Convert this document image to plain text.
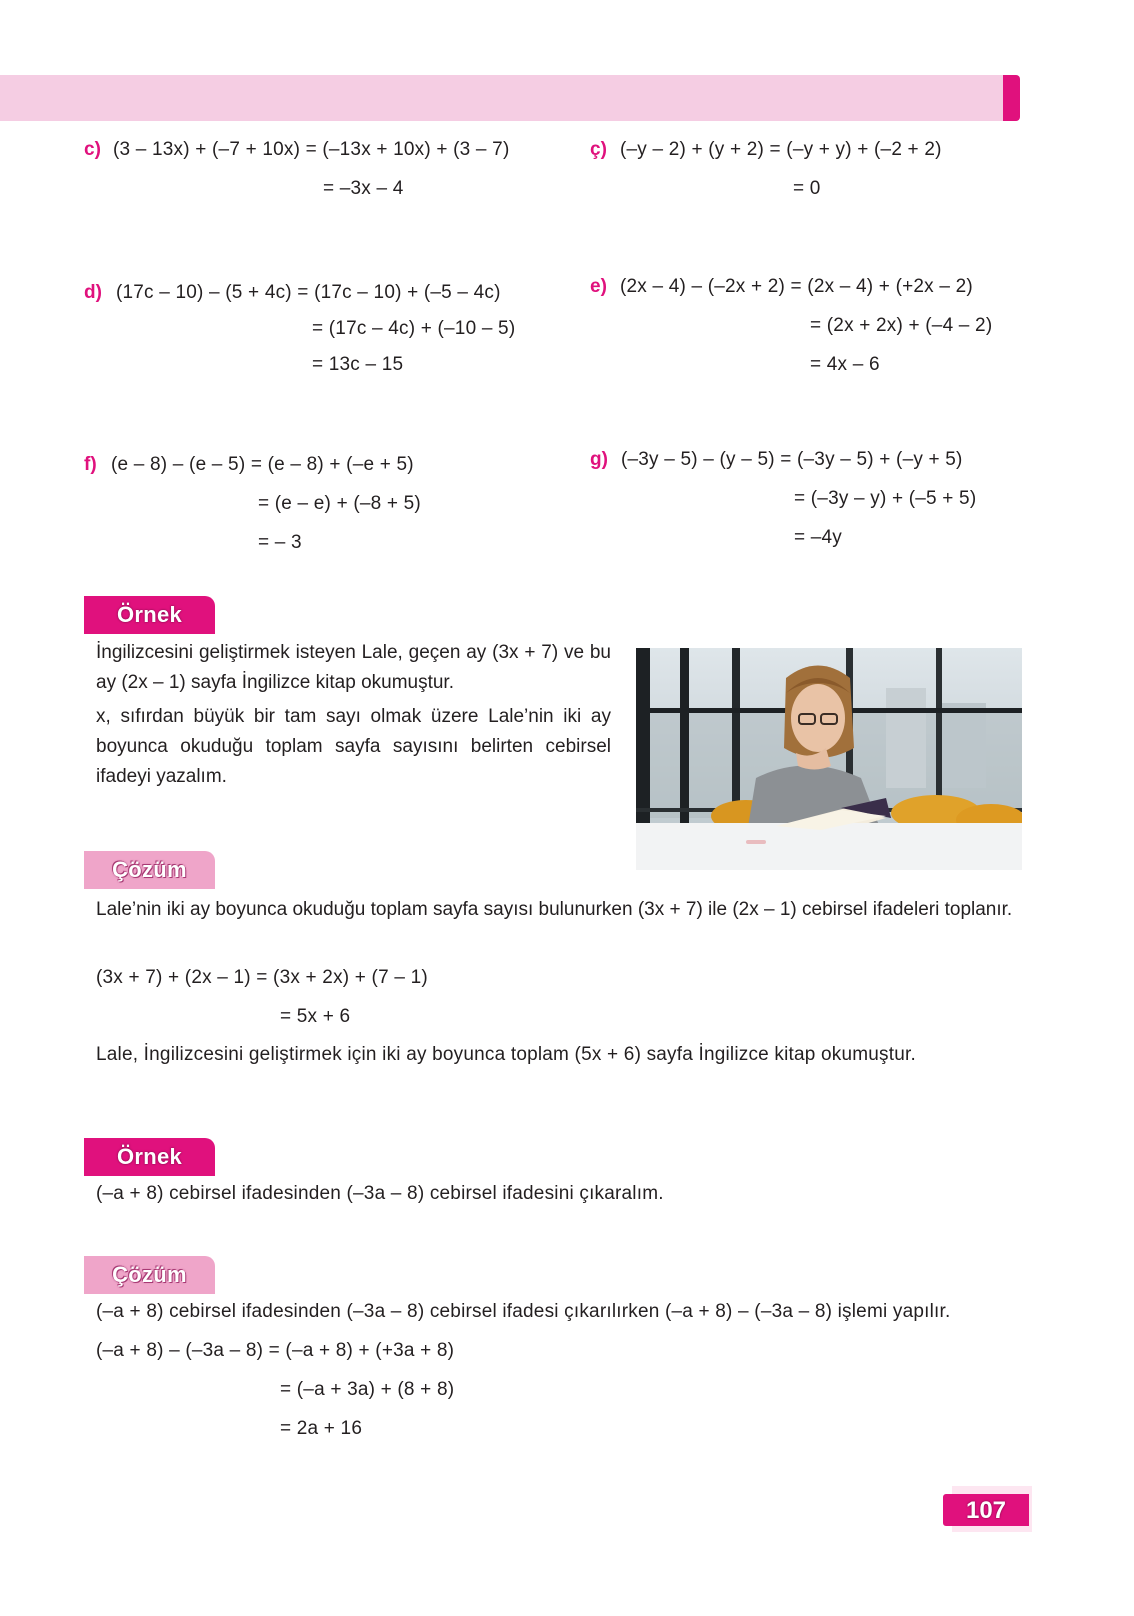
c) (3 – 13x) + (–7 + 10x) = (–13x + 10x) + (3 – 7)
= –3x – 4
ç) (–y – 2) + (y + 2) = (–y + y) + (–2 + 2)
= 0
d) (17c – 10) – (5 + 4c) = (17c – 10) + (–5 – 4c)
= (17c – 4c) + (–10 – 5)
= 13c – 15
e) (2x – 4) – (–2x + 2) = (2x – 4) + (+2x – 2)
= (2x + 2x) + (–4 – 2)
= 4x – 6
f) (e – 8) – (e – 5) = (e – 8) + (–e + 5)
= (e – e) + (–8 + 5)
= – 3
g) (–3y – 5) – (y – 5) = (–3y – 5) + (–y + 5)
= (–3y – y) + (–5 + 5)
= –4y
Örnek
İngilizcesini geliştirmek isteyen Lale, geçen ay (3x + 7) ve bu ay (2x – 1) sayfa İngilizce kitap okumuştur.
x, sıfırdan büyük bir tam sayı olmak üzere Lale’nin iki ay boyunca okuduğu toplam sayfa sayısını belirten cebirsel ifadeyi yazalım.
Çözüm
Lale’nin iki ay boyunca okuduğu toplam sayfa sayısı bulunurken (3x + 7) ile (2x – 1) cebirsel ifadeleri toplanır.
(3x + 7) + (2x – 1) = (3x + 2x) + (7 – 1)
= 5x + 6
Lale, İngilizcesini geliştirmek için iki ay boyunca toplam (5x + 6) sayfa İngilizce kitap okumuştur.
Örnek
(–a + 8) cebirsel ifadesinden (–3a – 8) cebirsel ifadesini çıkaralım.
Çözüm
(–a + 8) cebirsel ifadesinden (–3a – 8) cebirsel ifadesi çıkarılırken (–a + 8) – (–3a – 8) işlemi yapılır.
(–a + 8) – (–3a – 8) = (–a + 8) + (+3a + 8)
= (–a + 3a) + (8 + 8)
= 2a + 16
107
